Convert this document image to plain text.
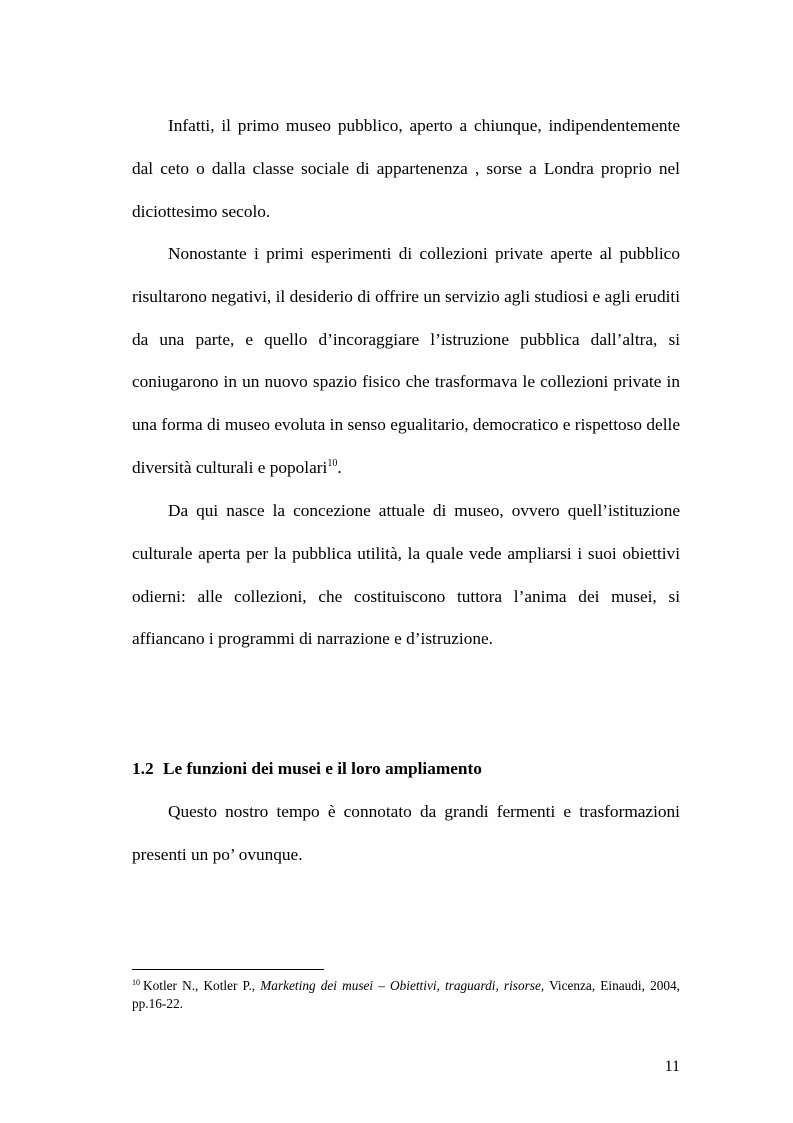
Infatti, il primo museo pubblico, aperto a chiunque, indipendentemente dal ceto o dalla classe sociale di appartenenza , sorse a Londra proprio nel diciottesimo secolo.

Nonostante i primi esperimenti di collezioni private aperte al pubblico risultarono negativi, il desiderio di offrire un servizio agli studiosi e agli eruditi da una parte, e quello d’incoraggiare l’istruzione pubblica dall’altra, si coniugarono in un nuovo spazio fisico che trasformava le collezioni private in una forma di museo evoluta in senso egualitario, democratico e rispettoso delle diversità culturali e popolari$^{10}$.

Da qui nasce la concezione attuale di museo, ovvero quell’istituzione culturale aperta per la pubblica utilità, la quale vede ampliarsi i suoi obiettivi odierni: alle collezioni, che costituiscono tuttora l’anima dei musei, si affiancano i programmi di narrazione e d’istruzione.

1.2 Le funzioni dei musei e il loro ampliamento

Questo nostro tempo è connotato da grandi fermenti e trasformazioni presenti un po’ ovunque.

$^{10}$ Kotler N., Kotler P., Marketing dei musei – Obiettivi, traguardi, risorse, Vicenza, Einaudi, 2004, pp.16-22.

11
